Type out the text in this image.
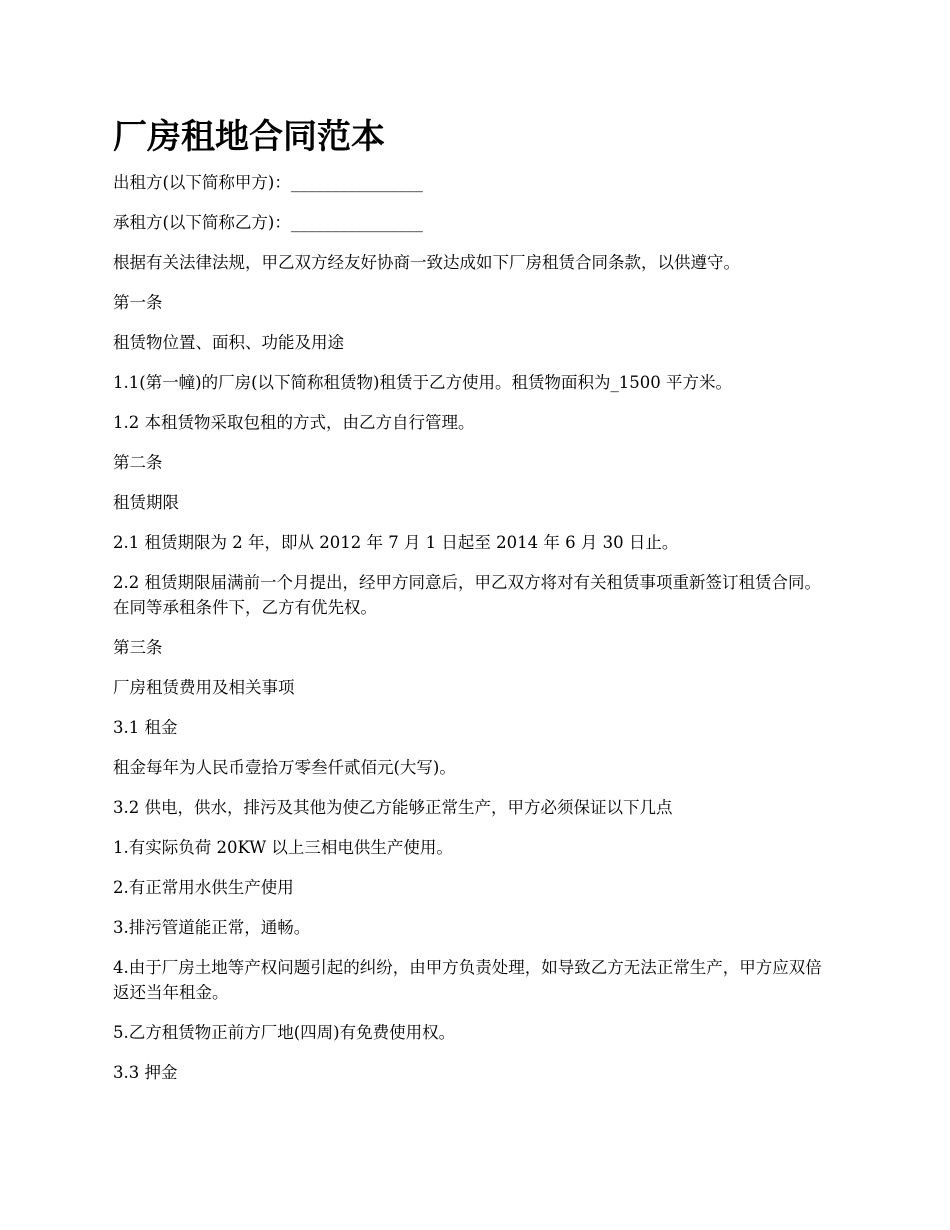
厂房租地合同范本

出租方(以下简称甲方)：________________

承租方(以下简称乙方)：________________

根据有关法律法规，甲乙双方经友好协商一致达成如下厂房租赁合同条款，以供遵守。

第一条

租赁物位置、面积、功能及用途

1.1(第一幢)的厂房(以下简称租赁物)租赁于乙方使用。租赁物面积为_1500 平方米。

1.2 本租赁物采取包租的方式，由乙方自行管理。

第二条

租赁期限

2.1 租赁期限为 2 年，即从 2012 年 7 月 1 日起至 2014 年 6 月 30 日止。

2.2 租赁期限届满前一个月提出，经甲方同意后，甲乙双方将对有关租赁事项重新签订租赁合同。在同等承租条件下，乙方有优先权。

第三条

厂房租赁费用及相关事项

3.1 租金

租金每年为人民币壹拾万零叁仟贰佰元(大写)。

3.2 供电，供水，排污及其他为使乙方能够正常生产，甲方必须保证以下几点

1.有实际负荷 20KW 以上三相电供生产使用。

2.有正常用水供生产使用

3.排污管道能正常，通畅。

4.由于厂房土地等产权问题引起的纠纷，由甲方负责处理，如导致乙方无法正常生产，甲方应双倍返还当年租金。

5.乙方租赁物正前方厂地(四周)有免费使用权。

3.3 押金
